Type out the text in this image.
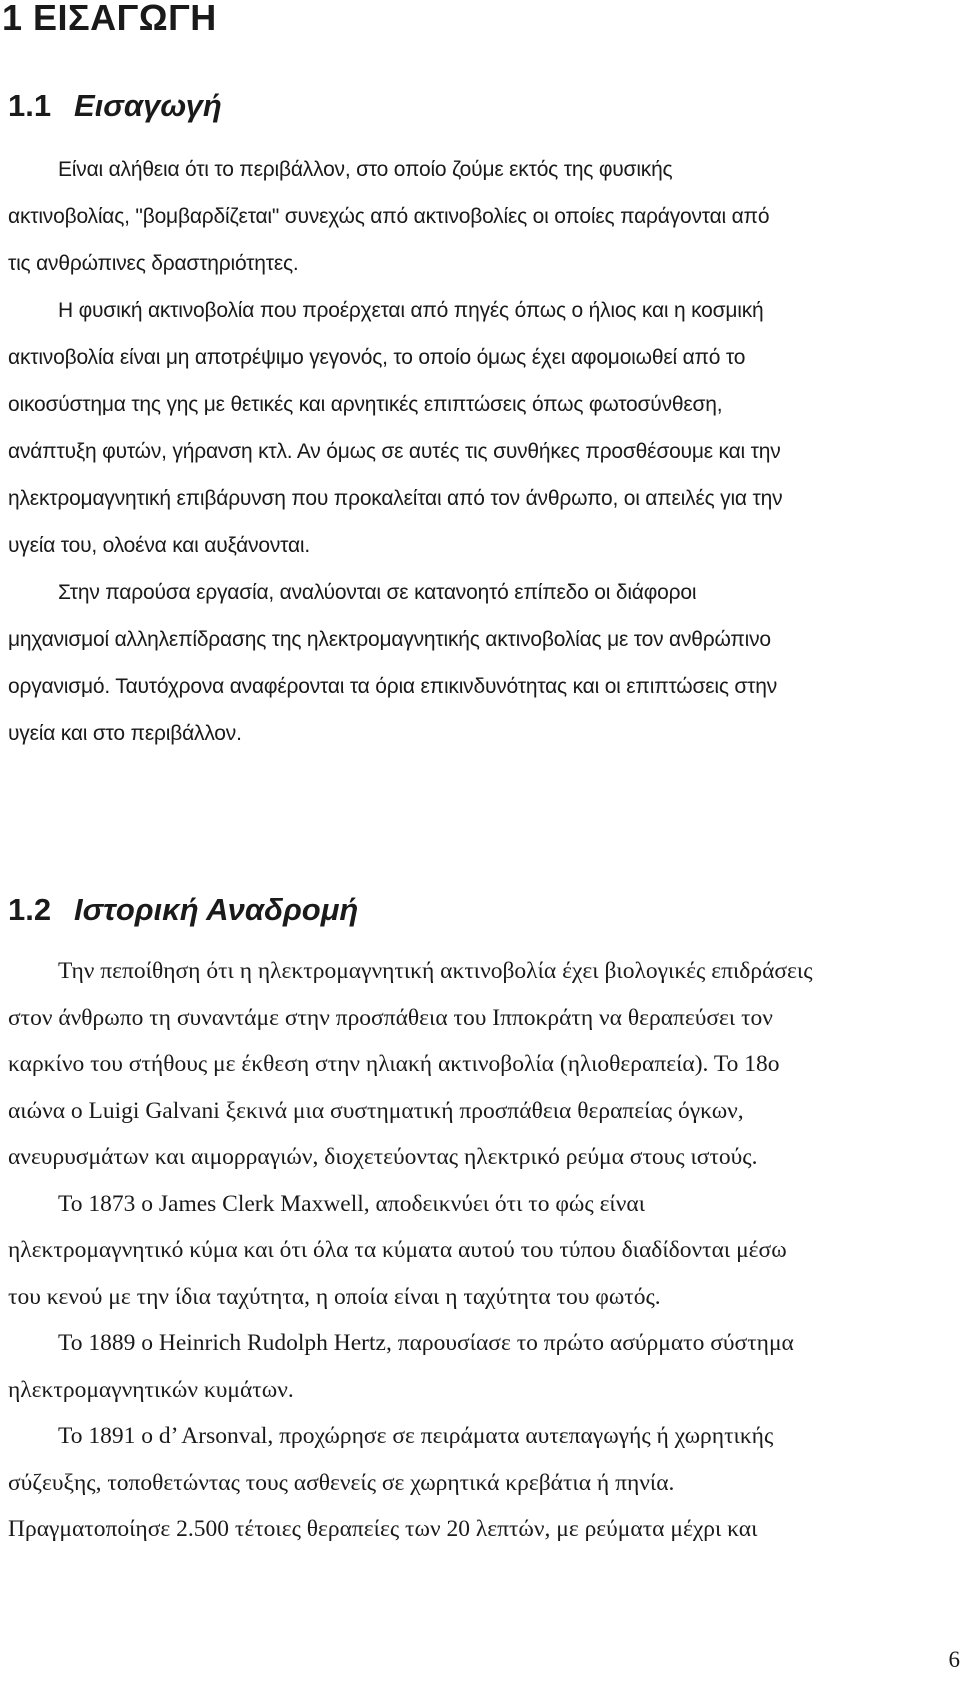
1 ΕΙΣΑΓΩΓΗ
1.1 Εισαγωγή
Είναι αλήθεια ότι το περιβάλλον, στο οποίο ζούμε εκτός της φυσικής
ακτινοβολίας, "βομβαρδίζεται" συνεχώς από ακτινοβολίες οι οποίες παράγονται από
τις ανθρώπινες δραστηριότητες.
Η φυσική ακτινοβολία που προέρχεται από πηγές όπως ο ήλιος και η κοσμική
ακτινοβολία είναι μη αποτρέψιμο γεγονός, το οποίο όμως έχει αφομοιωθεί από το
οικοσύστημα της γης με θετικές και αρνητικές επιπτώσεις όπως φωτοσύνθεση,
ανάπτυξη φυτών, γήρανση κτλ. Αν όμως σε αυτές τις συνθήκες προσθέσουμε και την
ηλεκτρομαγνητική επιβάρυνση που προκαλείται από τον άνθρωπο, οι απειλές για την
υγεία του, ολοένα και αυξάνονται.
Στην παρούσα εργασία, αναλύονται σε κατανοητό επίπεδο οι διάφοροι
μηχανισμοί αλληλεπίδρασης της ηλεκτρομαγνητικής ακτινοβολίας με τον ανθρώπινο
οργανισμό. Ταυτόχρονα αναφέρονται τα όρια επικινδυνότητας και οι επιπτώσεις στην
υγεία και στο περιβάλλον.
1.2 Ιστορική Αναδρομή
Την πεποίθηση ότι η ηλεκτρομαγνητική ακτινοβολία έχει βιολογικές επιδράσεις
στον άνθρωπο τη συναντάμε στην προσπάθεια του Ιπποκράτη να θεραπεύσει τον
καρκίνο του στήθους με έκθεση στην ηλιακή ακτινοβολία (ηλιοθεραπεία). Το 18ο
αιώνα ο Luigi Galvani ξεκινά μια συστηματική προσπάθεια θεραπείας όγκων,
ανευρυσμάτων και αιμορραγιών, διοχετεύοντας ηλεκτρικό ρεύμα στους ιστούς.
Το 1873 ο James Clerk Maxwell, αποδεικνύει ότι το φώς είναι
ηλεκτρομαγνητικό κύμα και ότι όλα τα κύματα αυτού του τύπου διαδίδονται μέσω
του κενού με την ίδια ταχύτητα, η οποία είναι η ταχύτητα του φωτός.
Το 1889 ο Heinrich Rudolph Hertz, παρουσίασε το πρώτο ασύρματο σύστημα
ηλεκτρομαγνητικών κυμάτων.
Το 1891 ο d’ Arsonval, προχώρησε σε πειράματα αυτεπαγωγής ή χωρητικής
σύζευξης, τοποθετώντας τους ασθενείς σε χωρητικά κρεβάτια ή πηνία.
Πραγματοποίησε 2.500 τέτοιες θεραπείες των 20 λεπτών, με ρεύματα μέχρι και
6
